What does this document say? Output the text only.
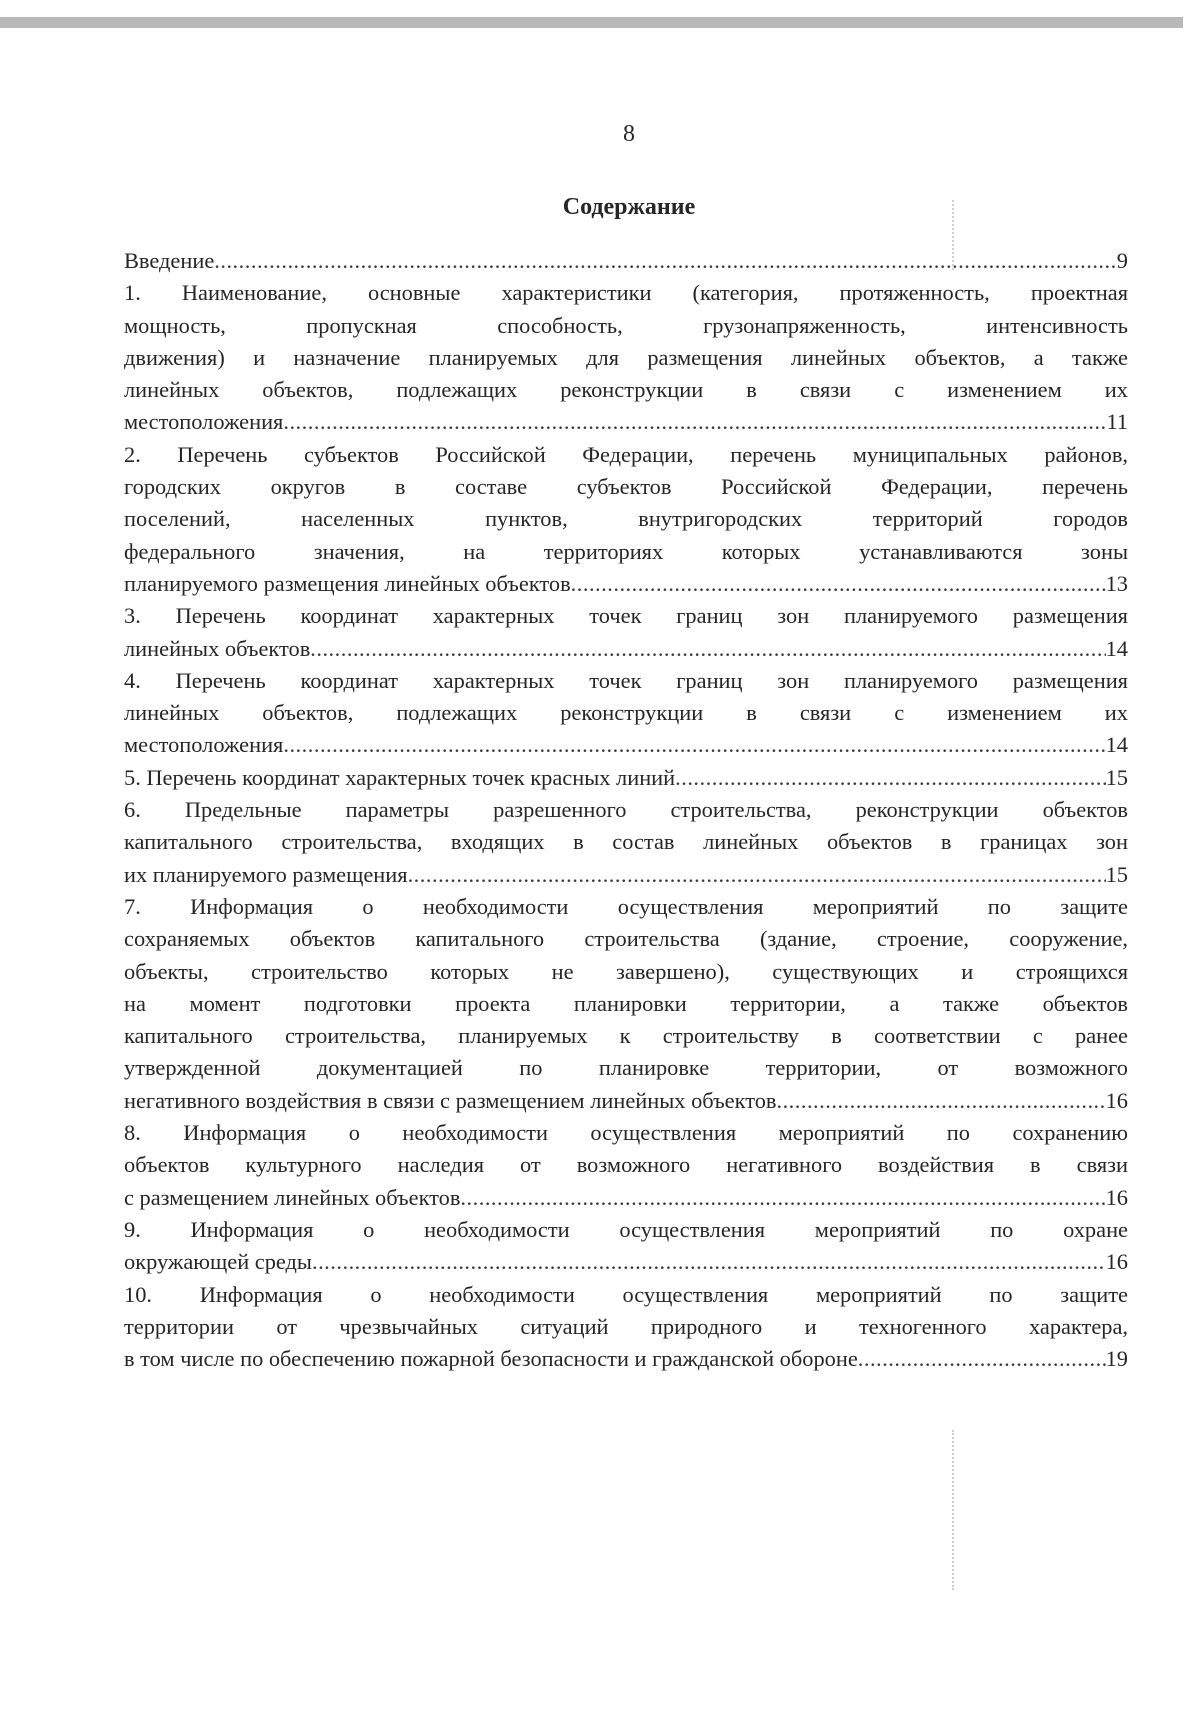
8
Содержание
Введение .....	9
1. Наименование, основные характеристики (категория, протяженность, проектная
мощность, пропускная способность, грузонапряженность, интенсивность
движения) и назначение планируемых для размещения линейных объектов, а также
линейных объектов, подлежащих реконструкции в связи с изменением их
местоположения .....	11
2. Перечень субъектов Российской Федерации, перечень муниципальных районов,
городских округов в составе субъектов Российской Федерации, перечень
поселений, населенных пунктов, внутригородских территорий городов
федерального значения, на территориях которых устанавливаются зоны
планируемого размещения линейных объектов .....	13
3. Перечень координат характерных точек границ зон планируемого размещения
линейных объектов .....	14
4. Перечень координат характерных точек границ зон планируемого размещения
линейных объектов, подлежащих реконструкции в связи с изменением их
местоположения .....	14
5. Перечень координат характерных точек красных линий .....	15
6. Предельные параметры разрешенного строительства, реконструкции объектов
капитального строительства, входящих в состав линейных объектов в границах зон
их планируемого размещения .....	15
7. Информация о необходимости осуществления мероприятий по защите
сохраняемых объектов капитального строительства (здание, строение, сооружение,
объекты, строительство которых не завершено), существующих и строящихся
на момент подготовки проекта планировки территории, а также объектов
капитального строительства, планируемых к строительству в соответствии с ранее
утвержденной документацией по планировке территории, от возможного
негативного воздействия в связи с размещением линейных объектов .....	16
8. Информация о необходимости осуществления мероприятий по сохранению
объектов культурного наследия от возможного негативного воздействия в связи
с размещением линейных объектов .....	16
9. Информация о необходимости осуществления мероприятий по охране
окружающей среды .....	16
10. Информация о необходимости осуществления мероприятий по защите
территории от чрезвычайных ситуаций природного и техногенного характера,
в том числе по обеспечению пожарной безопасности и гражданской обороне .....	19
